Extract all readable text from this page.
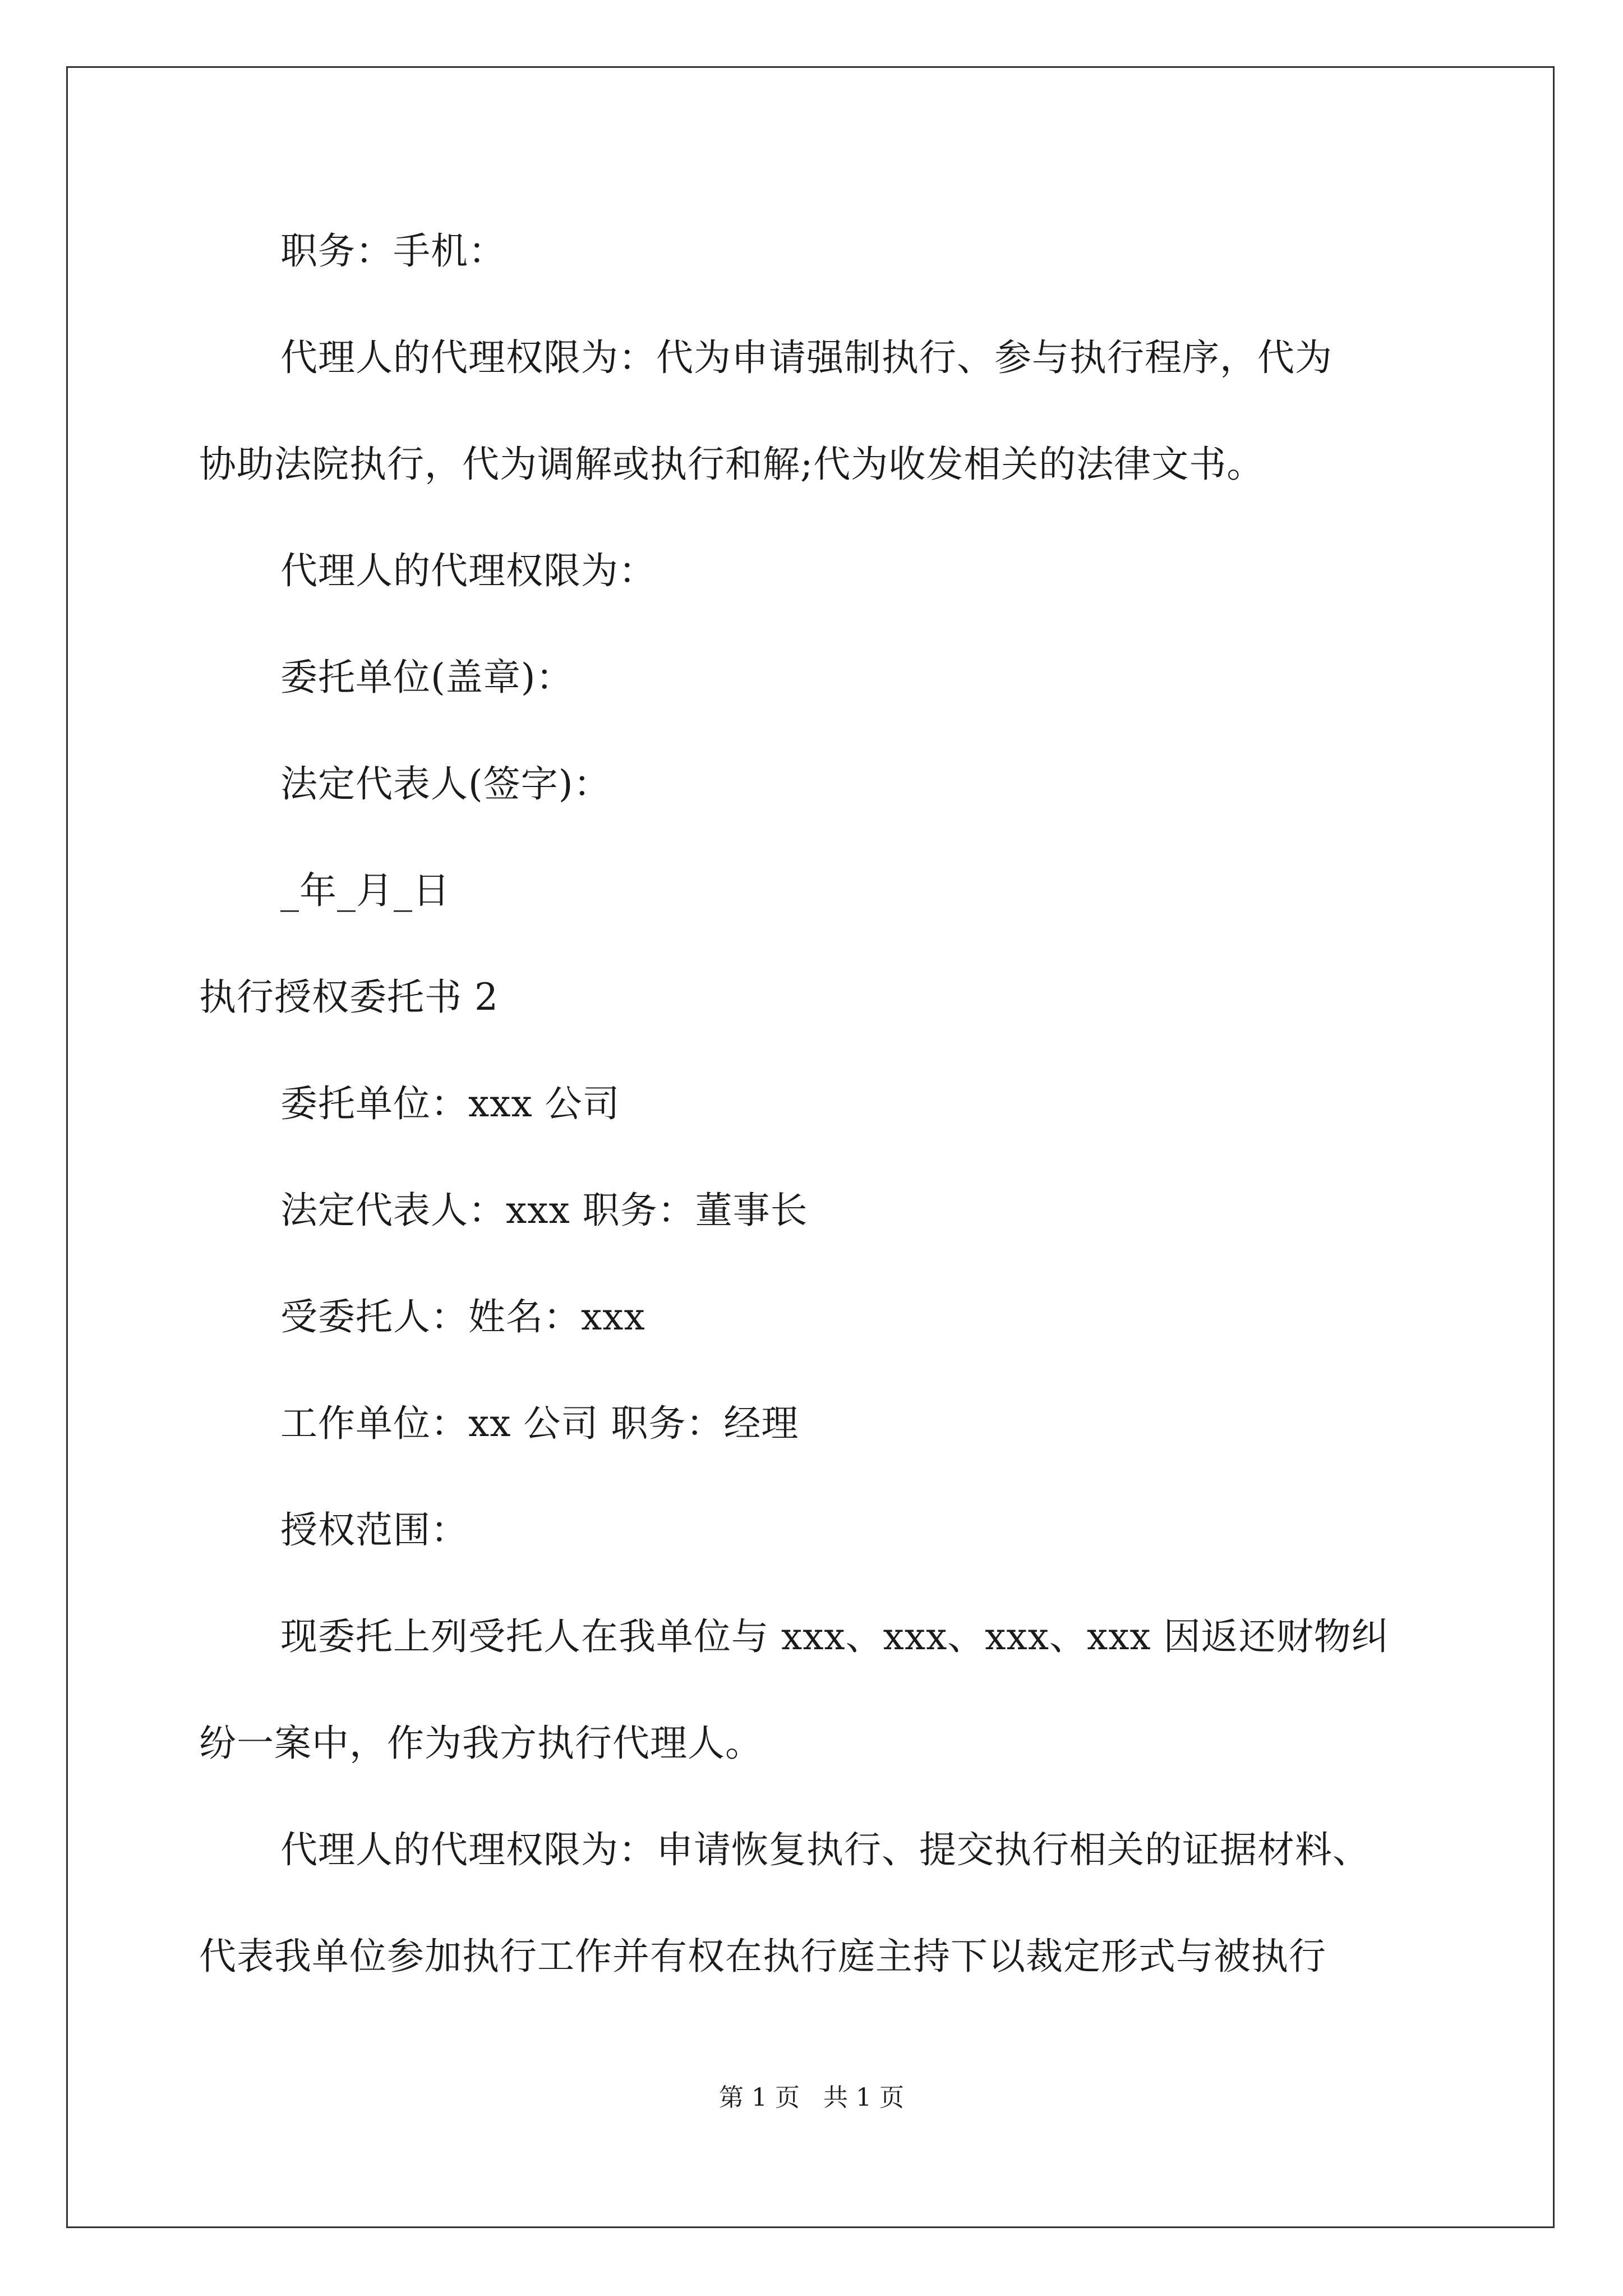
职务：手机：
代理人的代理权限为：代为申请强制执行、参与执行程序，代为
协助法院执行，代为调解或执行和解;代为收发相关的法律文书。
代理人的代理权限为：
委托单位(盖章)：
法定代表人(签字)：
_年_月_日
执行授权委托书 2
委托单位：xxx 公司
法定代表人：xxx 职务：董事长
受委托人：姓名：xxx
工作单位：xx 公司 职务：经理
授权范围：
现委托上列受托人在我单位与 xxx、xxx、xxx、xxx 因返还财物纠
纷一案中，作为我方执行代理人。
代理人的代理权限为：申请恢复执行、提交执行相关的证据材料、
代表我单位参加执行工作并有权在执行庭主持下以裁定形式与被执行
第 1 页   共 1 页
